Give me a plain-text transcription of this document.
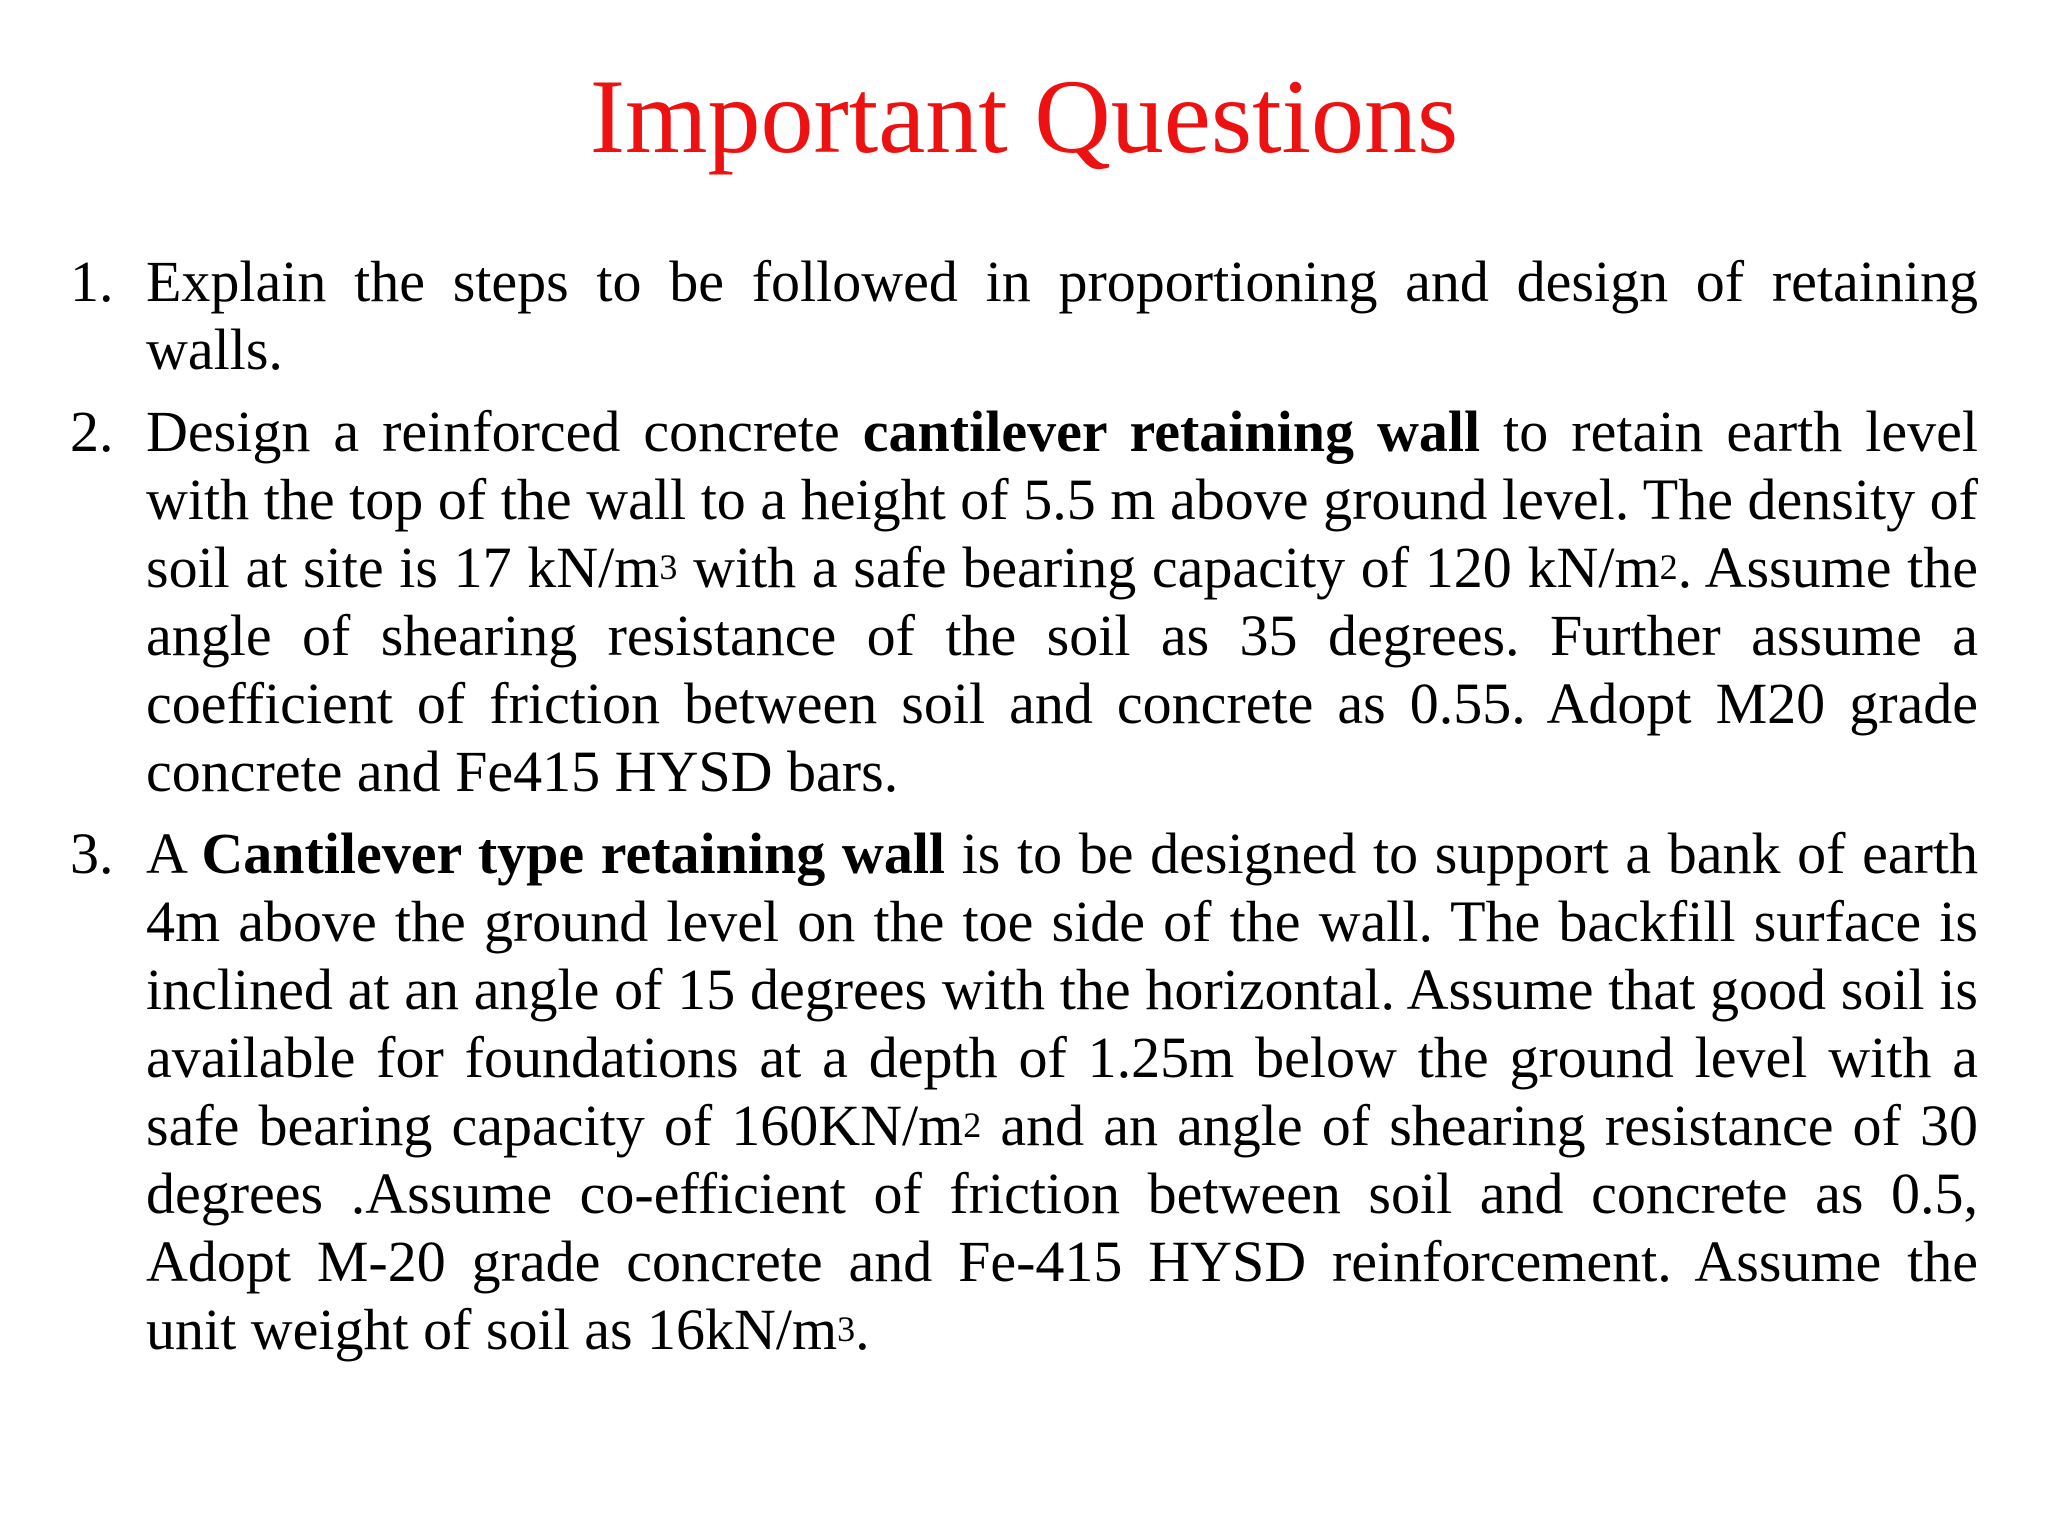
Important Questions
1. Explain the steps to be followed in proportioning and design of retaining walls.
2. Design a reinforced concrete cantilever retaining wall to retain earth level with the top of the wall to a height of 5.5 m above ground level. The density of soil at site is 17 $kN/m^3$ with a safe bearing capacity of 120 $kN/m^2$. Assume the angle of shearing resistance of the soil as 35 degrees. Further assume a coefficient of friction between soil and concrete as 0.55. Adopt M20 grade concrete and Fe415 HYSD bars.
3. A Cantilever type retaining wall is to be designed to support a bank of earth 4m above the ground level on the toe side of the wall. The backfill surface is inclined at an angle of 15 degrees with the horizontal. Assume that good soil is available for foundations at a depth of 1.25m below the ground level with a safe bearing capacity of $160KN/m^2$ and an angle of shearing resistance of 30 degrees .Assume co-efficient of friction between soil and concrete as 0.5, Adopt M-20 grade concrete and Fe-415 HYSD reinforcement. Assume the unit weight of soil as $16kN/m^3$.
